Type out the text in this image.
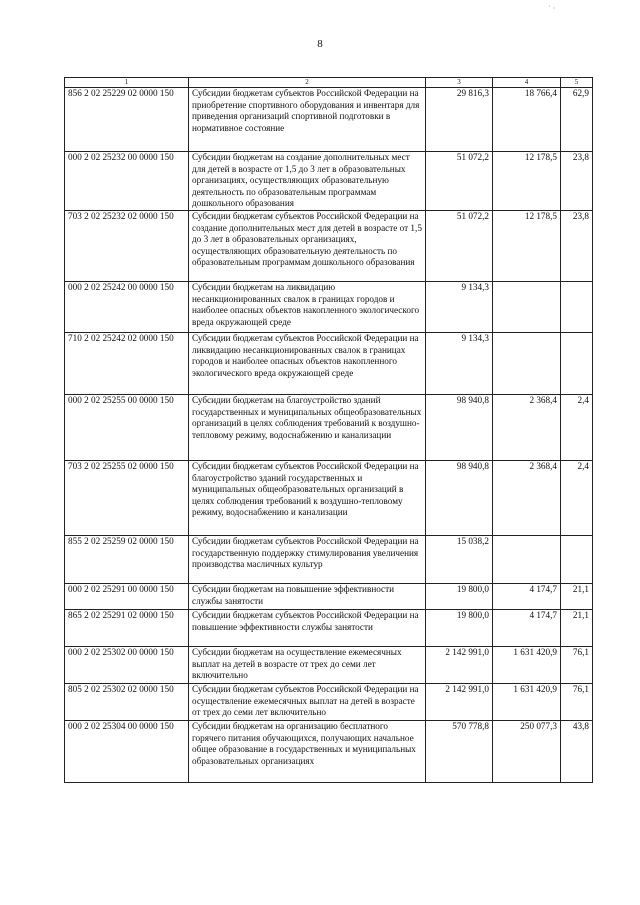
˙ ·
8
1	2	3	4	5
856 2 02 25229 02 0000 150	Субсидии бюджетам субъектов Российской Федерации на приобретение спортивного оборудования и инвентаря для приведения организаций спортивной подготовки в нормативное состояние	29 816,3	18 766,4	62,9
000 2 02 25232 00 0000 150	Субсидии бюджетам на создание дополнительных мест для детей в возрасте от 1,5 до 3 лет в образовательных организациях, осуществляющих образовательную деятельность по образовательным программам дошкольного образования	51 072,2	12 178,5	23,8
703 2 02 25232 02 0000 150	Субсидии бюджетам субъектов Российской Федерации на создание дополнительных мест для детей в возрасте от 1,5 до 3 лет в образовательных организациях, осуществляющих образовательную деятельность по образовательным программам дошкольного образования	51 072,2	12 178,5	23,8
000 2 02 25242 00 0000 150	Субсидии бюджетам на ликвидацию несанкционированных свалок в границах городов и наиболее опасных объектов накопленного экологического вреда окружающей среде	9 134,3		
710 2 02 25242 02 0000 150	Субсидии бюджетам субъектов Российской Федерации на ликвидацию несанкционированных свалок в границах городов и наиболее опасных объектов накопленного экологического вреда окружающей среде	9 134,3		
000 2 02 25255 00 0000 150	Субсидии бюджетам на благоустройство зданий государственных и муниципальных общеобразовательных организаций в целях соблюдения требований к воздушно-тепловому режиму, водоснабжению и канализации	98 940,8	2 368,4	2,4
703 2 02 25255 02 0000 150	Субсидии бюджетам субъектов Российской Федерации на благоустройство зданий государственных и муниципальных общеобразовательных организаций в целях соблюдения требований к воздушно-тепловому режиму, водоснабжению и канализации	98 940,8	2 368,4	2,4
855 2 02 25259 02 0000 150	Субсидии бюджетам субъектов Российской Федерации на государственную поддержку стимулирования увеличения производства масличных культур	15 038,2		
000 2 02 25291 00 0000 150	Субсидии бюджетам на повышение эффективности службы занятости	19 800,0	4 174,7	21,1
865 2 02 25291 02 0000 150	Субсидии бюджетам субъектов Российской Федерации на повышение эффективности службы занятости	19 800,0	4 174,7	21,1
000 2 02 25302 00 0000 150	Субсидии бюджетам на осуществление ежемесячных выплат на детей в возрасте от трех до семи лет включительно	2 142 991,0	1 631 420,9	76,1
805 2 02 25302 02 0000 150	Субсидии бюджетам субъектов Российской Федерации на осуществление ежемесячных выплат на детей в возрасте от трех до семи лет включительно	2 142 991,0	1 631 420,9	76,1
000 2 02 25304 00 0000 150	Субсидии бюджетам на организацию бесплатного горячего питания обучающихся, получающих начальное общее образование в государственных и муниципальных образовательных организациях	570 778,8	250 077,3	43,8
